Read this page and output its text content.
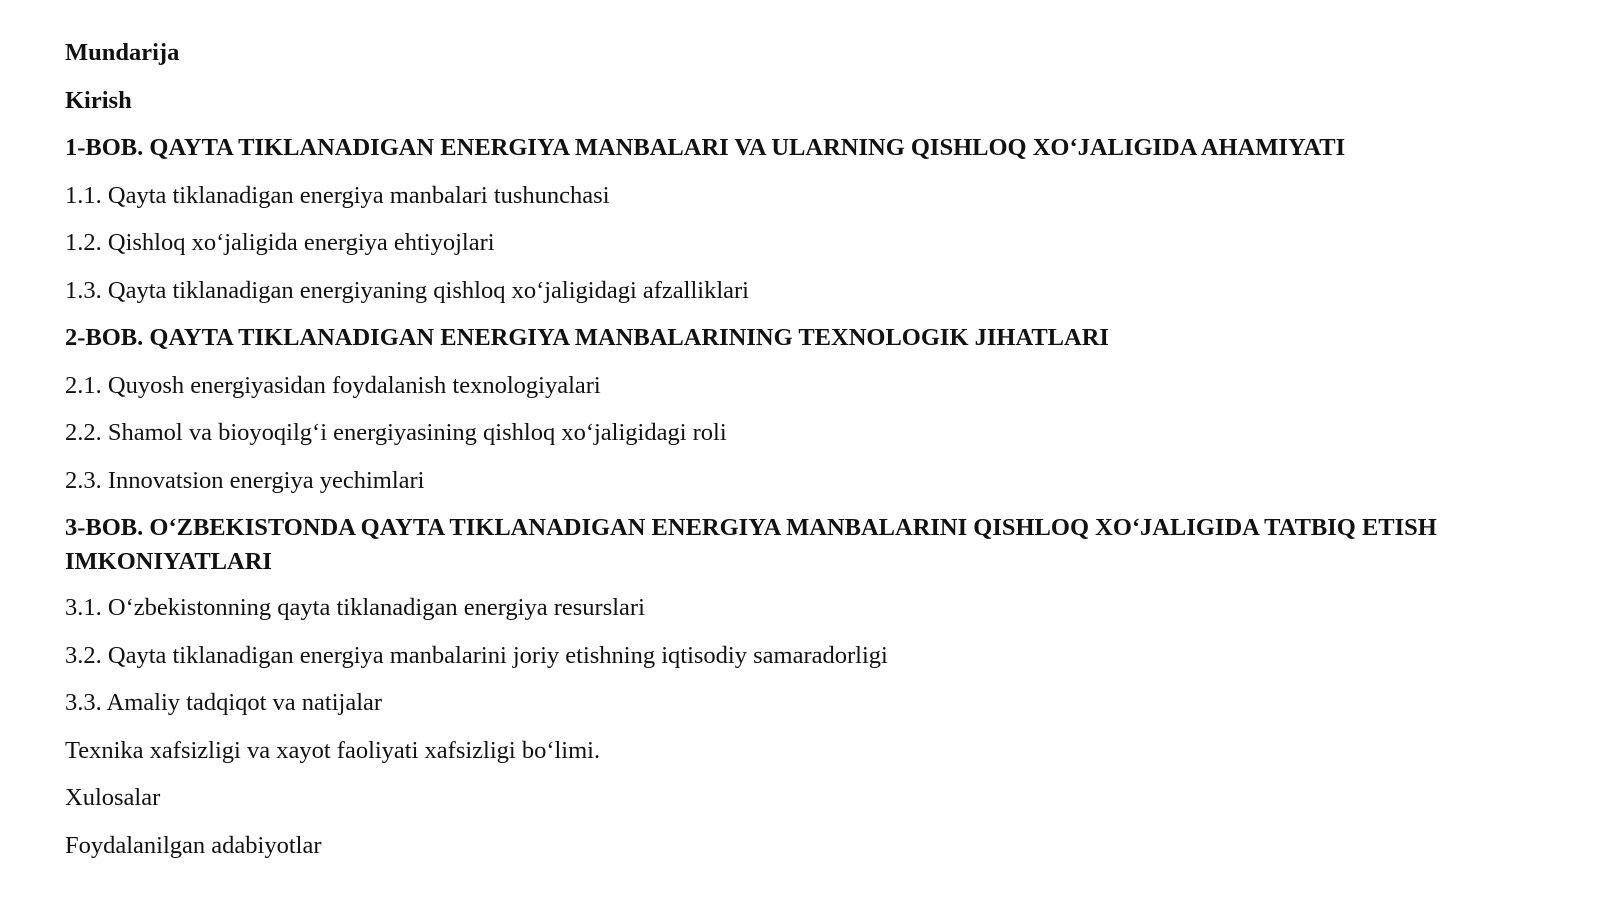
Mundarija
Kirish
1-BOB. QAYTA TIKLANADIGAN ENERGIYA MANBALARI VA ULARNING QISHLOQ XO‘JALIGIDA AHAMIYATI
1.1. Qayta tiklanadigan energiya manbalari tushunchasi
1.2. Qishloq xo‘jaligida energiya ehtiyojlari
1.3. Qayta tiklanadigan energiyaning qishloq xo‘jaligidagi afzalliklari
2-BOB. QAYTA TIKLANADIGAN ENERGIYA MANBALARINING TEXNOLOGIK JIHATLARI
2.1. Quyosh energiyasidan foydalanish texnologiyalari
2.2. Shamol va bioyoqilg‘i energiyasining qishloq xo‘jaligidagi roli
2.3. Innovatsion energiya yechimlari
3-BOB. O‘ZBEKISTONDA QAYTA TIKLANADIGAN ENERGIYA MANBALARINI QISHLOQ XO‘JALIGIDA TATBIQ ETISH IMKONIYATLARI
3.1. O‘zbekistonning qayta tiklanadigan energiya resurslari
3.2. Qayta tiklanadigan energiya manbalarini joriy etishning iqtisodiy samaradorligi
3.3. Amaliy tadqiqot va natijalar
Texnika xafsizligi va xayot faoliyati xafsizligi bo‘limi.
Xulosalar
Foydalanilgan adabiyotlar
